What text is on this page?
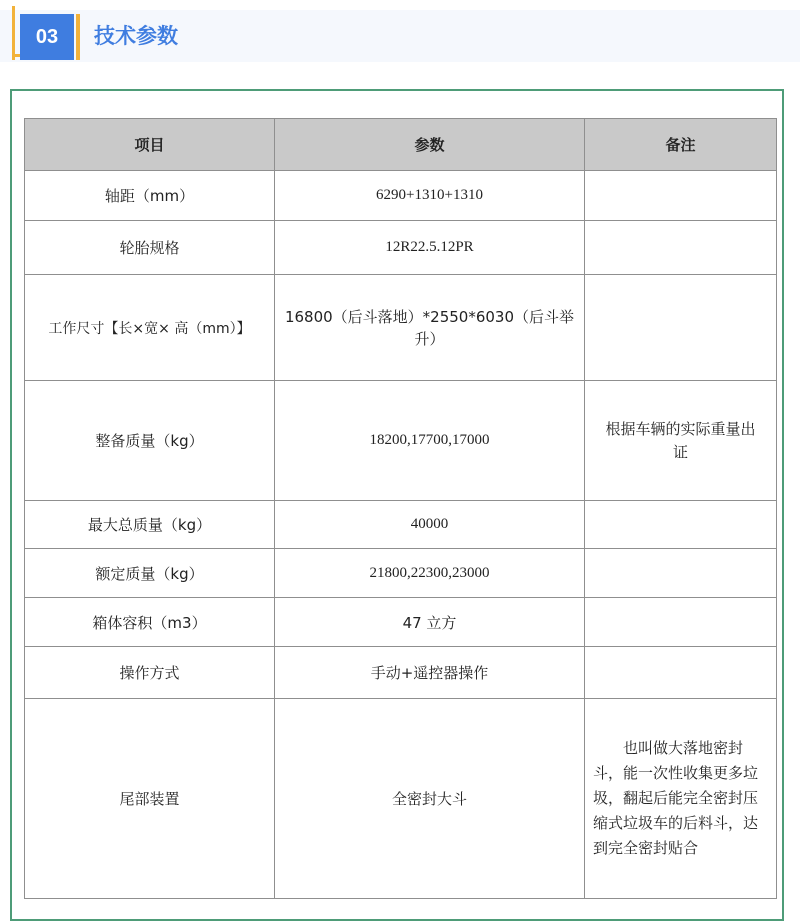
03	技术参数
项目	参数	备注
轴距（mm）	6290+1310+1310	
轮胎规格	12R22.5.12PR	
工作尺寸【长×宽× 高（mm）】	16800（后斗落地）*2550*6030（后斗举升）	
整备质量（kg）	18200,17700,17000	根据车辆的实际重量出证
最大总质量（kg）	40000	
额定质量（kg）	21800,22300,23000	
箱体容积（m3）	47 立方	
操作方式	手动+遥控器操作	
尾部装置	全密封大斗	　　也叫做大落地密封斗，能一次性收集更多垃圾，翻起后能完全密封压缩式垃圾车的后料斗，达到完全密封贴合
